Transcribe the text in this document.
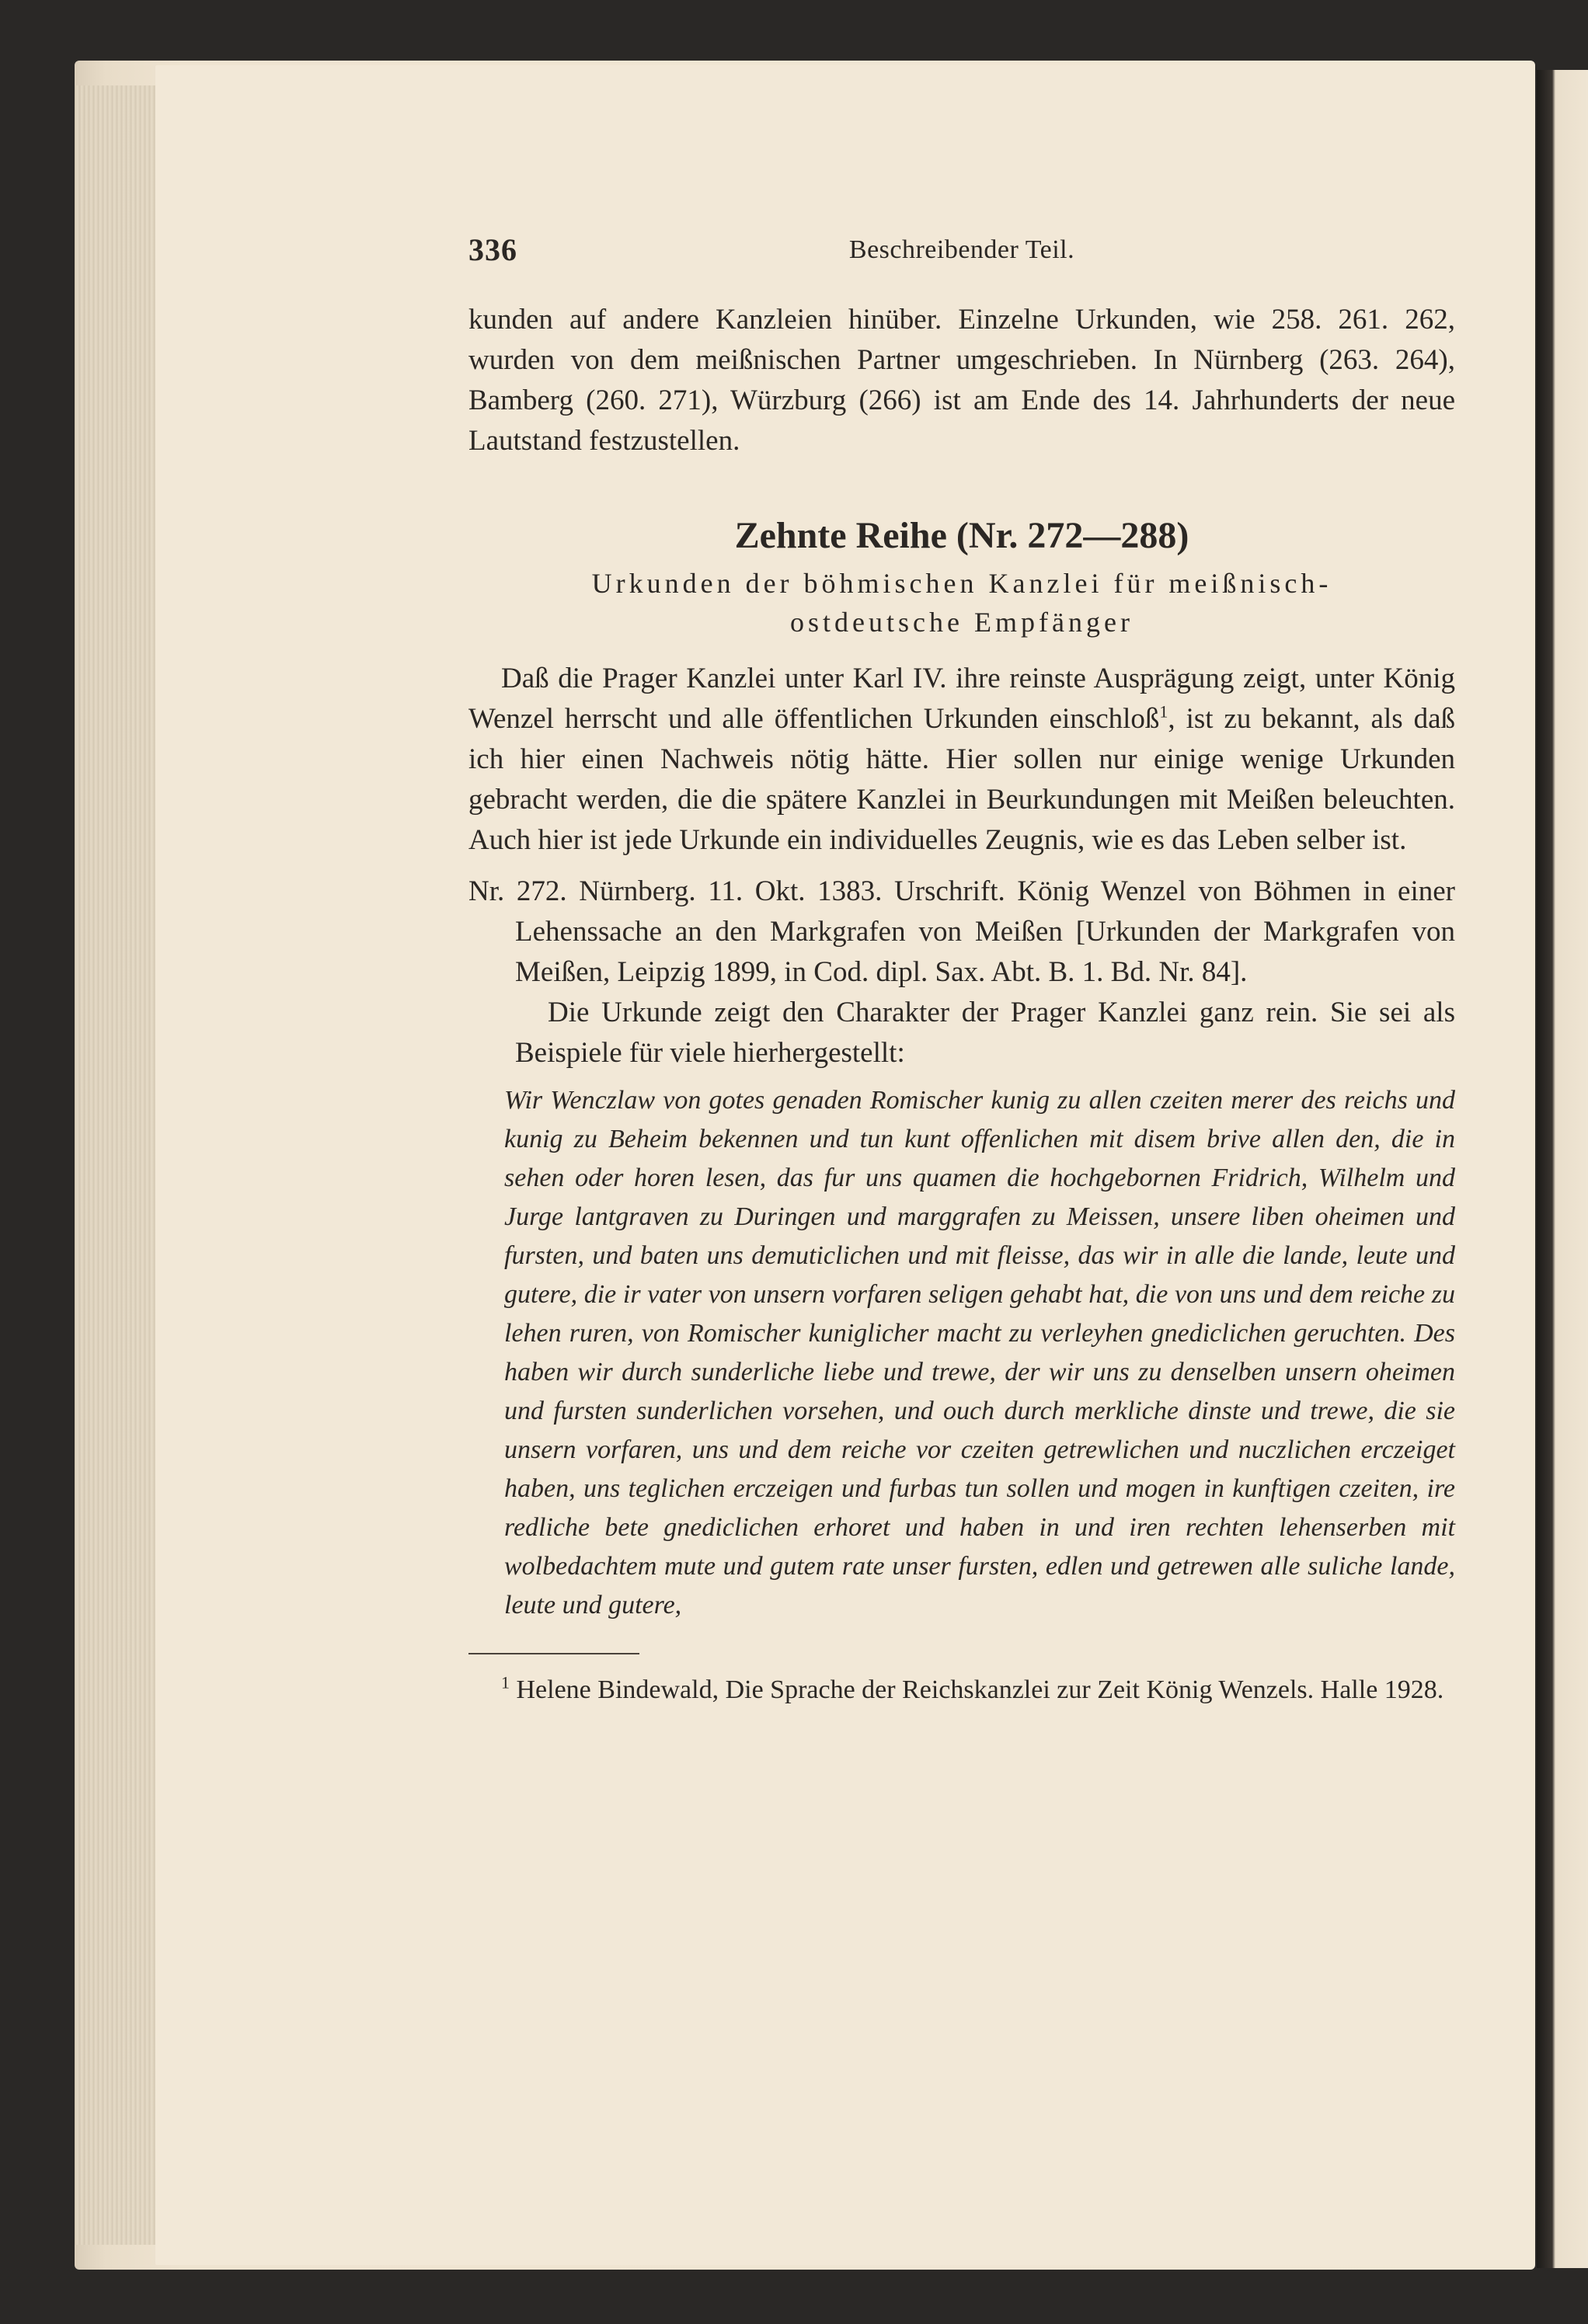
336	Beschreibender Teil.

kunden auf andere Kanzleien hinüber. Einzelne Urkunden, wie 258. 261. 262, wurden von dem meißnischen Partner umgeschrieben. In Nürnberg (263. 264), Bamberg (260. 271), Würzburg (266) ist am Ende des 14. Jahrhunderts der neue Lautstand festzustellen.

Zehnte Reihe (Nr. 272—288)
Urkunden der böhmischen Kanzlei für meißnisch-ostdeutsche Empfänger

Daß die Prager Kanzlei unter Karl IV. ihre reinste Ausprägung zeigt, unter König Wenzel herrscht und alle öffentlichen Urkunden einschloß$^1$, ist zu bekannt, als daß ich hier einen Nachweis nötig hätte. Hier sollen nur einige wenige Urkunden gebracht werden, die die spätere Kanzlei in Beurkundungen mit Meißen beleuchten. Auch hier ist jede Urkunde ein individuelles Zeugnis, wie es das Leben selber ist.

Nr. 272. Nürnberg. 11. Okt. 1383. Urschrift. König Wenzel von Böhmen in einer Lehenssache an den Markgrafen von Meißen [Urkunden der Markgrafen von Meißen, Leipzig 1899, in Cod. dipl. Sax. Abt. B. 1. Bd. Nr. 84].

Die Urkunde zeigt den Charakter der Prager Kanzlei ganz rein. Sie sei als Beispiele für viele hierhergestellt:

Wir Wenczlaw von gotes genaden Romischer kunig zu allen czeiten merer des reichs und kunig zu Beheim bekennen und tun kunt offenlichen mit disem brive allen den, die in sehen oder horen lesen, das fur uns quamen die hochgebornen Fridrich, Wilhelm und Jurge lantgraven zu Duringen und marggrafen zu Meissen, unsere liben oheimen und fursten, und baten uns demuticlichen und mit fleisse, das wir in alle die lande, leute und gutere, die ir vater von unsern vorfaren seligen gehabt hat, die von uns und dem reiche zu lehen ruren, von Romischer kuniglicher macht zu verleyhen gnediclichen geruchten. Des haben wir durch sunderliche liebe und trewe, der wir uns zu denselben unsern oheimen und fursten sunderlichen vorsehen, und ouch durch merkliche dinste und trewe, die sie unsern vorfaren, uns und dem reiche vor czeiten getrewlichen und nuczlichen erczeiget haben, uns teglichen erczeigen und furbas tun sollen und mogen in kunftigen czeiten, ire redliche bete gnediclichen erhoret und haben in und iren rechten lehenserben mit wolbedachtem mute und gutem rate unser fursten, edlen und getrewen alle suliche lande, leute und gutere,

$^1$ Helene Bindewald, Die Sprache der Reichskanzlei zur Zeit König Wenzels. Halle 1928.
